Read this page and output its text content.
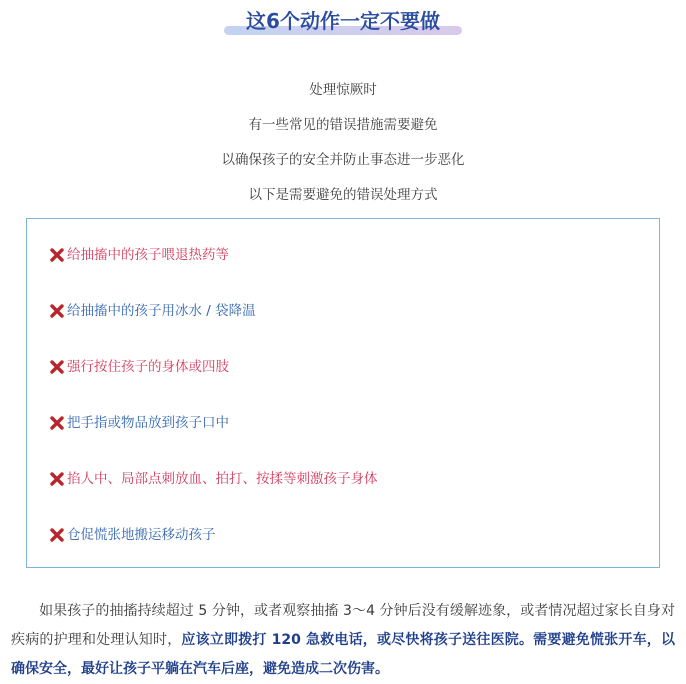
这6个动作一定不要做

处理惊厥时

有一些常见的错误措施需要避免

以确保孩子的安全并防止事态进一步恶化

以下是需要避免的错误处理方式

给抽搐中的孩子喂退热药等
给抽搐中的孩子用冰水 / 袋降温
强行按住孩子的身体或四肢
把手指或物品放到孩子口中
掐人中、局部点刺放血、拍打、按揉等刺激孩子身体
仓促慌张地搬运移动孩子

如果孩子的抽搐持续超过 5 分钟，或者观察抽搐 3～4 分钟后没有缓解迹象，或者情况超过家长自身对疾病的护理和处理认知时，应该立即拨打 120 急救电话，或尽快将孩子送往医院。需要避免慌张开车，以确保安全，最好让孩子平躺在汽车后座，避免造成二次伤害。
